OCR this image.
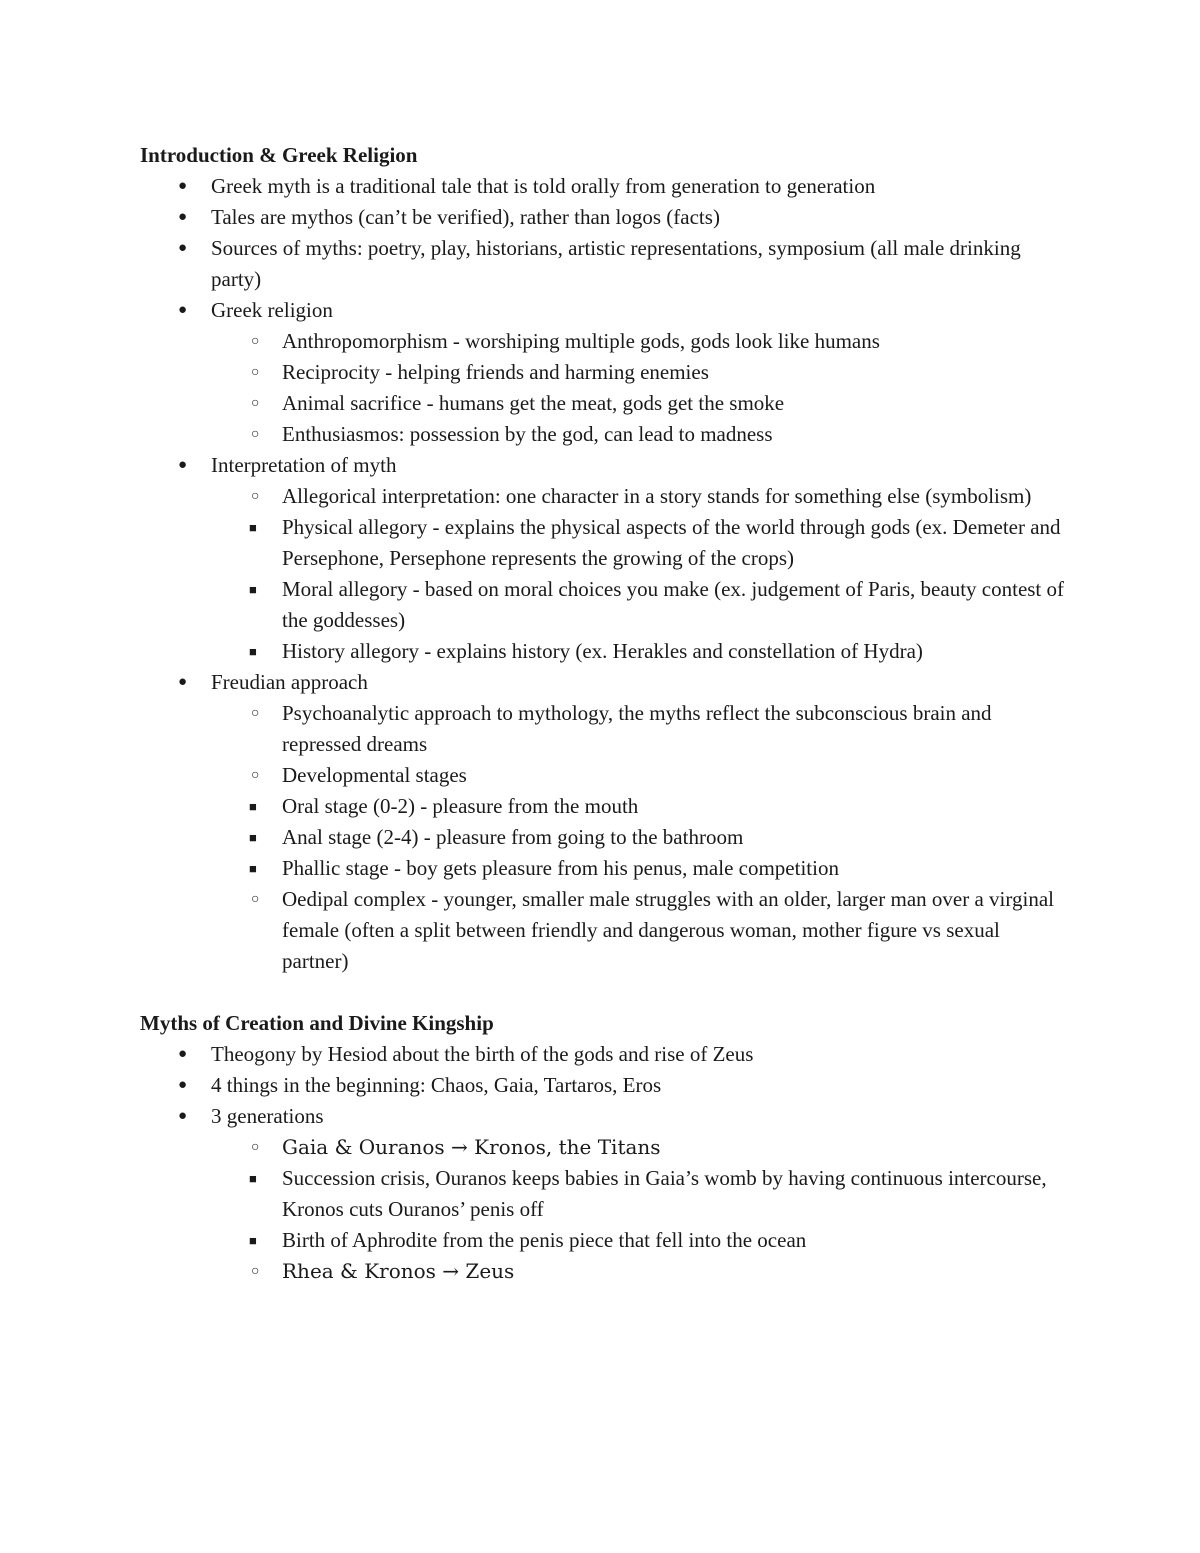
Introduction & Greek Religion
● Greek myth is a traditional tale that is told orally from generation to generation
● Tales are mythos (can’t be verified), rather than logos (facts)
● Sources of myths: poetry, play, historians, artistic representations, symposium (all male drinking party)
● Greek religion
○ Anthropomorphism - worshiping multiple gods, gods look like humans
○ Reciprocity - helping friends and harming enemies
○ Animal sacrifice - humans get the meat, gods get the smoke
○ Enthusiasmos: possession by the god, can lead to madness
● Interpretation of myth
○ Allegorical interpretation: one character in a story stands for something else (symbolism)
■ Physical allegory - explains the physical aspects of the world through gods (ex. Demeter and Persephone, Persephone represents the growing of the crops)
■ Moral allegory - based on moral choices you make (ex. judgement of Paris, beauty contest of the goddesses)
■ History allegory - explains history (ex. Herakles and constellation of Hydra)
● Freudian approach
○ Psychoanalytic approach to mythology, the myths reflect the subconscious brain and repressed dreams
○ Developmental stages
■ Oral stage (0-2) - pleasure from the mouth
■ Anal stage (2-4) - pleasure from going to the bathroom
■ Phallic stage - boy gets pleasure from his penus, male competition
○ Oedipal complex - younger, smaller male struggles with an older, larger man over a virginal female (often a split between friendly and dangerous woman, mother figure vs sexual partner)
Myths of Creation and Divine Kingship
● Theogony by Hesiod about the birth of the gods and rise of Zeus
● 4 things in the beginning: Chaos, Gaia, Tartaros, Eros
● 3 generations
○ Gaia & Ouranos → Kronos, the Titans
■ Succession crisis, Ouranos keeps babies in Gaia’s womb by having continuous intercourse, Kronos cuts Ouranos’ penis off
■ Birth of Aphrodite from the penis piece that fell into the ocean
○ Rhea & Kronos → Zeus
